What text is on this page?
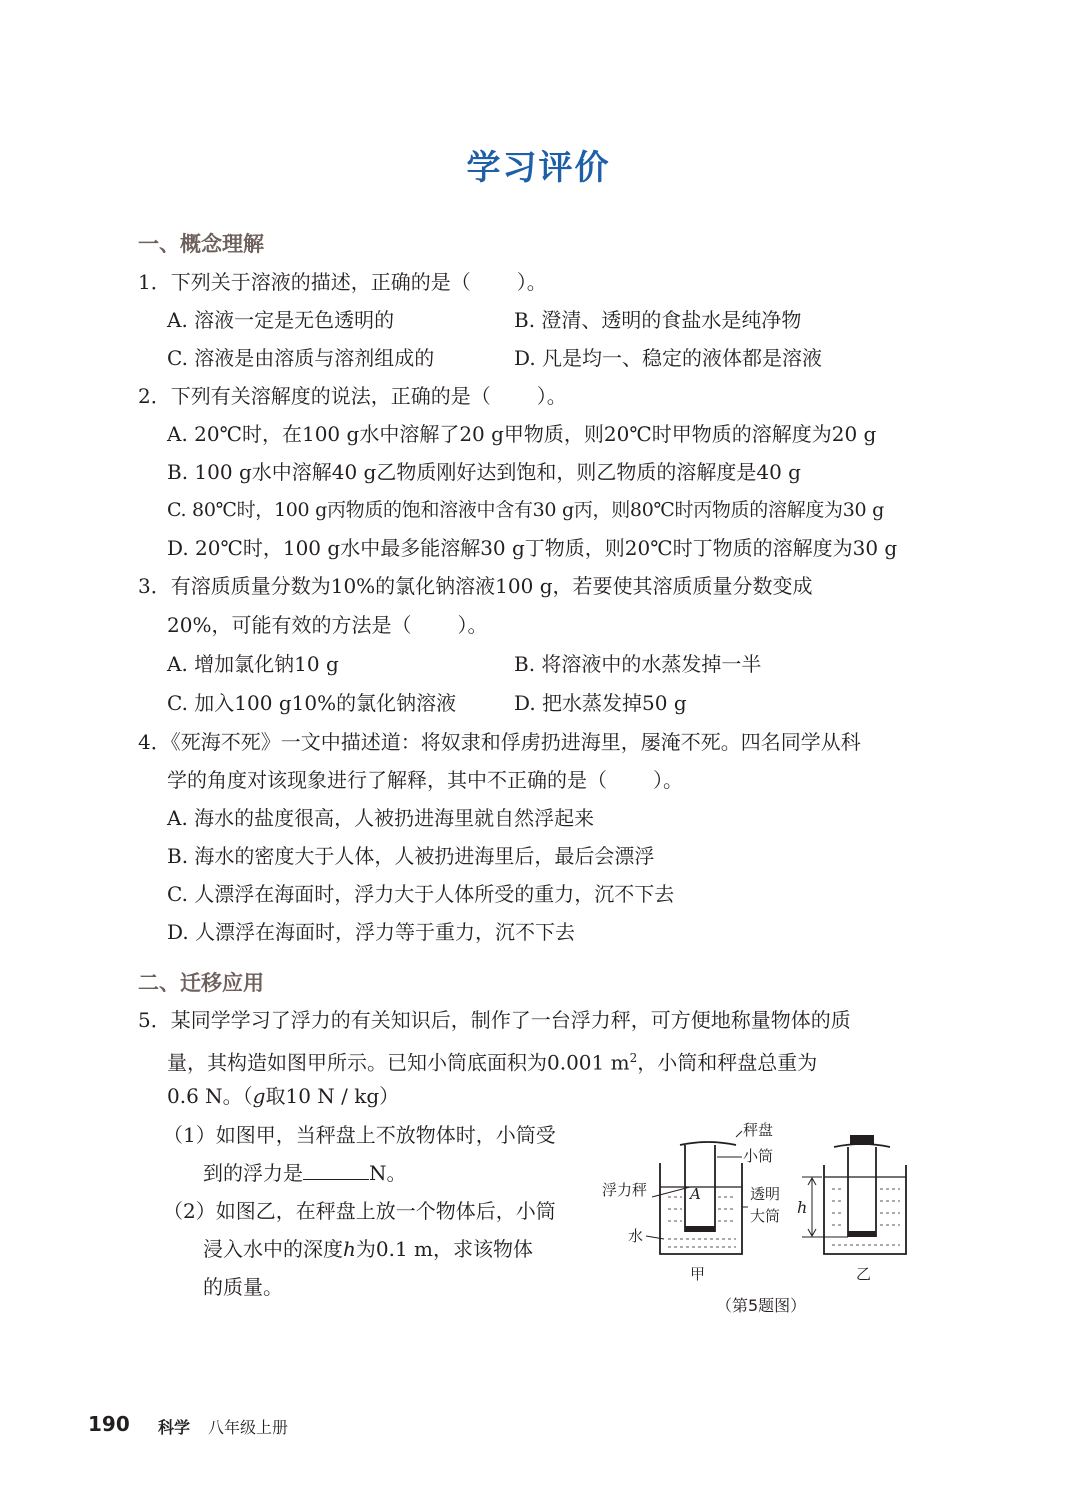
学习评价
一、概念理解
1．下列关于溶液的描述，正确的是（ ）。
A. 溶液一定是无色透明的	B. 澄清、透明的食盐水是纯净物
C. 溶液是由溶质与溶剂组成的	D. 凡是均一、稳定的液体都是溶液
2．下列有关溶解度的说法，正确的是（ ）。
A. 20℃时，在100 g水中溶解了20 g甲物质，则20℃时甲物质的溶解度为20 g
B. 100 g水中溶解40 g乙物质刚好达到饱和，则乙物质的溶解度是40 g
C. 80℃时，100 g丙物质的饱和溶液中含有30 g丙，则80℃时丙物质的溶解度为30 g
D. 20℃时，100 g水中最多能溶解30 g丁物质，则20℃时丁物质的溶解度为30 g
3．有溶质质量分数为10%的氯化钠溶液100 g，若要使其溶质质量分数变成
20%，可能有效的方法是（ ）。
A. 增加氯化钠10 g	B. 将溶液中的水蒸发掉一半
C. 加入100 g10%的氯化钠溶液	D. 把水蒸发掉50 g
4．《死海不死》一文中描述道：将奴隶和俘虏扔进海里，屡淹不死。四名同学从科
学的角度对该现象进行了解释，其中不正确的是（ ）。
A. 海水的盐度很高，人被扔进海里就自然浮起来
B. 海水的密度大于人体，人被扔进海里后，最后会漂浮
C. 人漂浮在海面时，浮力大于人体所受的重力，沉不下去
D. 人漂浮在海面时，浮力等于重力，沉不下去
二、迁移应用
5．某同学学习了浮力的有关知识后，制作了一台浮力秤，可方便地称量物体的质
量，其构造如图甲所示。已知小筒底面积为0.001 $m^2$，小筒和秤盘总重为
0.6 N。（g取10 N / kg）
（1）如图甲，当秤盘上不放物体时，小筒受
到的浮力是	N。
（2）如图乙，在秤盘上放一个物体后，小筒
浸入水中的深度h为0.1 m，求该物体
的质量。
秤盘
小筒
浮力秤	A	透明
大筒
水
甲
h
乙
（第5题图）
190 科学 八年级上册
